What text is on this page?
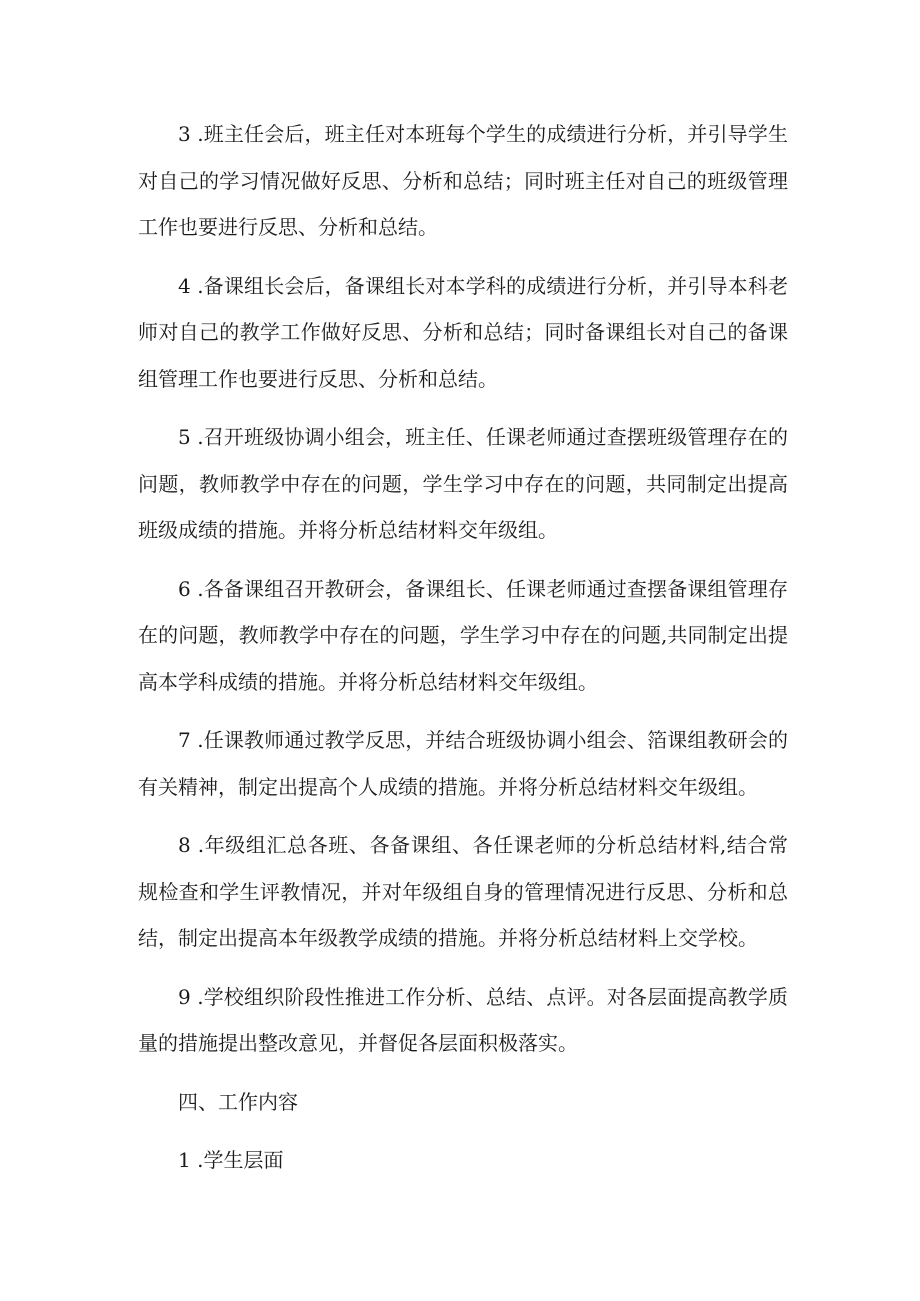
3 .班主任会后，班主任对本班每个学生的成绩进行分析，并引导学生对自己的学习情况做好反思、分析和总结；同时班主任对自己的班级管理工作也要进行反思、分析和总结。

4 .备课组长会后，备课组长对本学科的成绩进行分析，并引导本科老师对自己的教学工作做好反思、分析和总结；同时备课组长对自己的备课组管理工作也要进行反思、分析和总结。

5 .召开班级协调小组会，班主任、任课老师通过查摆班级管理存在的问题，教师教学中存在的问题，学生学习中存在的问题，共同制定出提高班级成绩的措施。并将分析总结材料交年级组。

6 .各备课组召开教研会，备课组长、任课老师通过查摆备课组管理存在的问题，教师教学中存在的问题，学生学习中存在的问题,共同制定出提高本学科成绩的措施。并将分析总结材料交年级组。

7 .任课教师通过教学反思，并结合班级协调小组会、箔课组教研会的有关精神，制定出提高个人成绩的措施。并将分析总结材料交年级组。

8 .年级组汇总各班、各备课组、各任课老师的分析总结材料,结合常规检查和学生评教情况，并对年级组自身的管理情况进行反思、分析和总结，制定出提高本年级教学成绩的措施。并将分析总结材料上交学校。

9 .学校组织阶段性推进工作分析、总结、点评。对各层面提高教学质量的措施提出整改意见，并督促各层面积极落实。

四、工作内容

1 .学生层面
